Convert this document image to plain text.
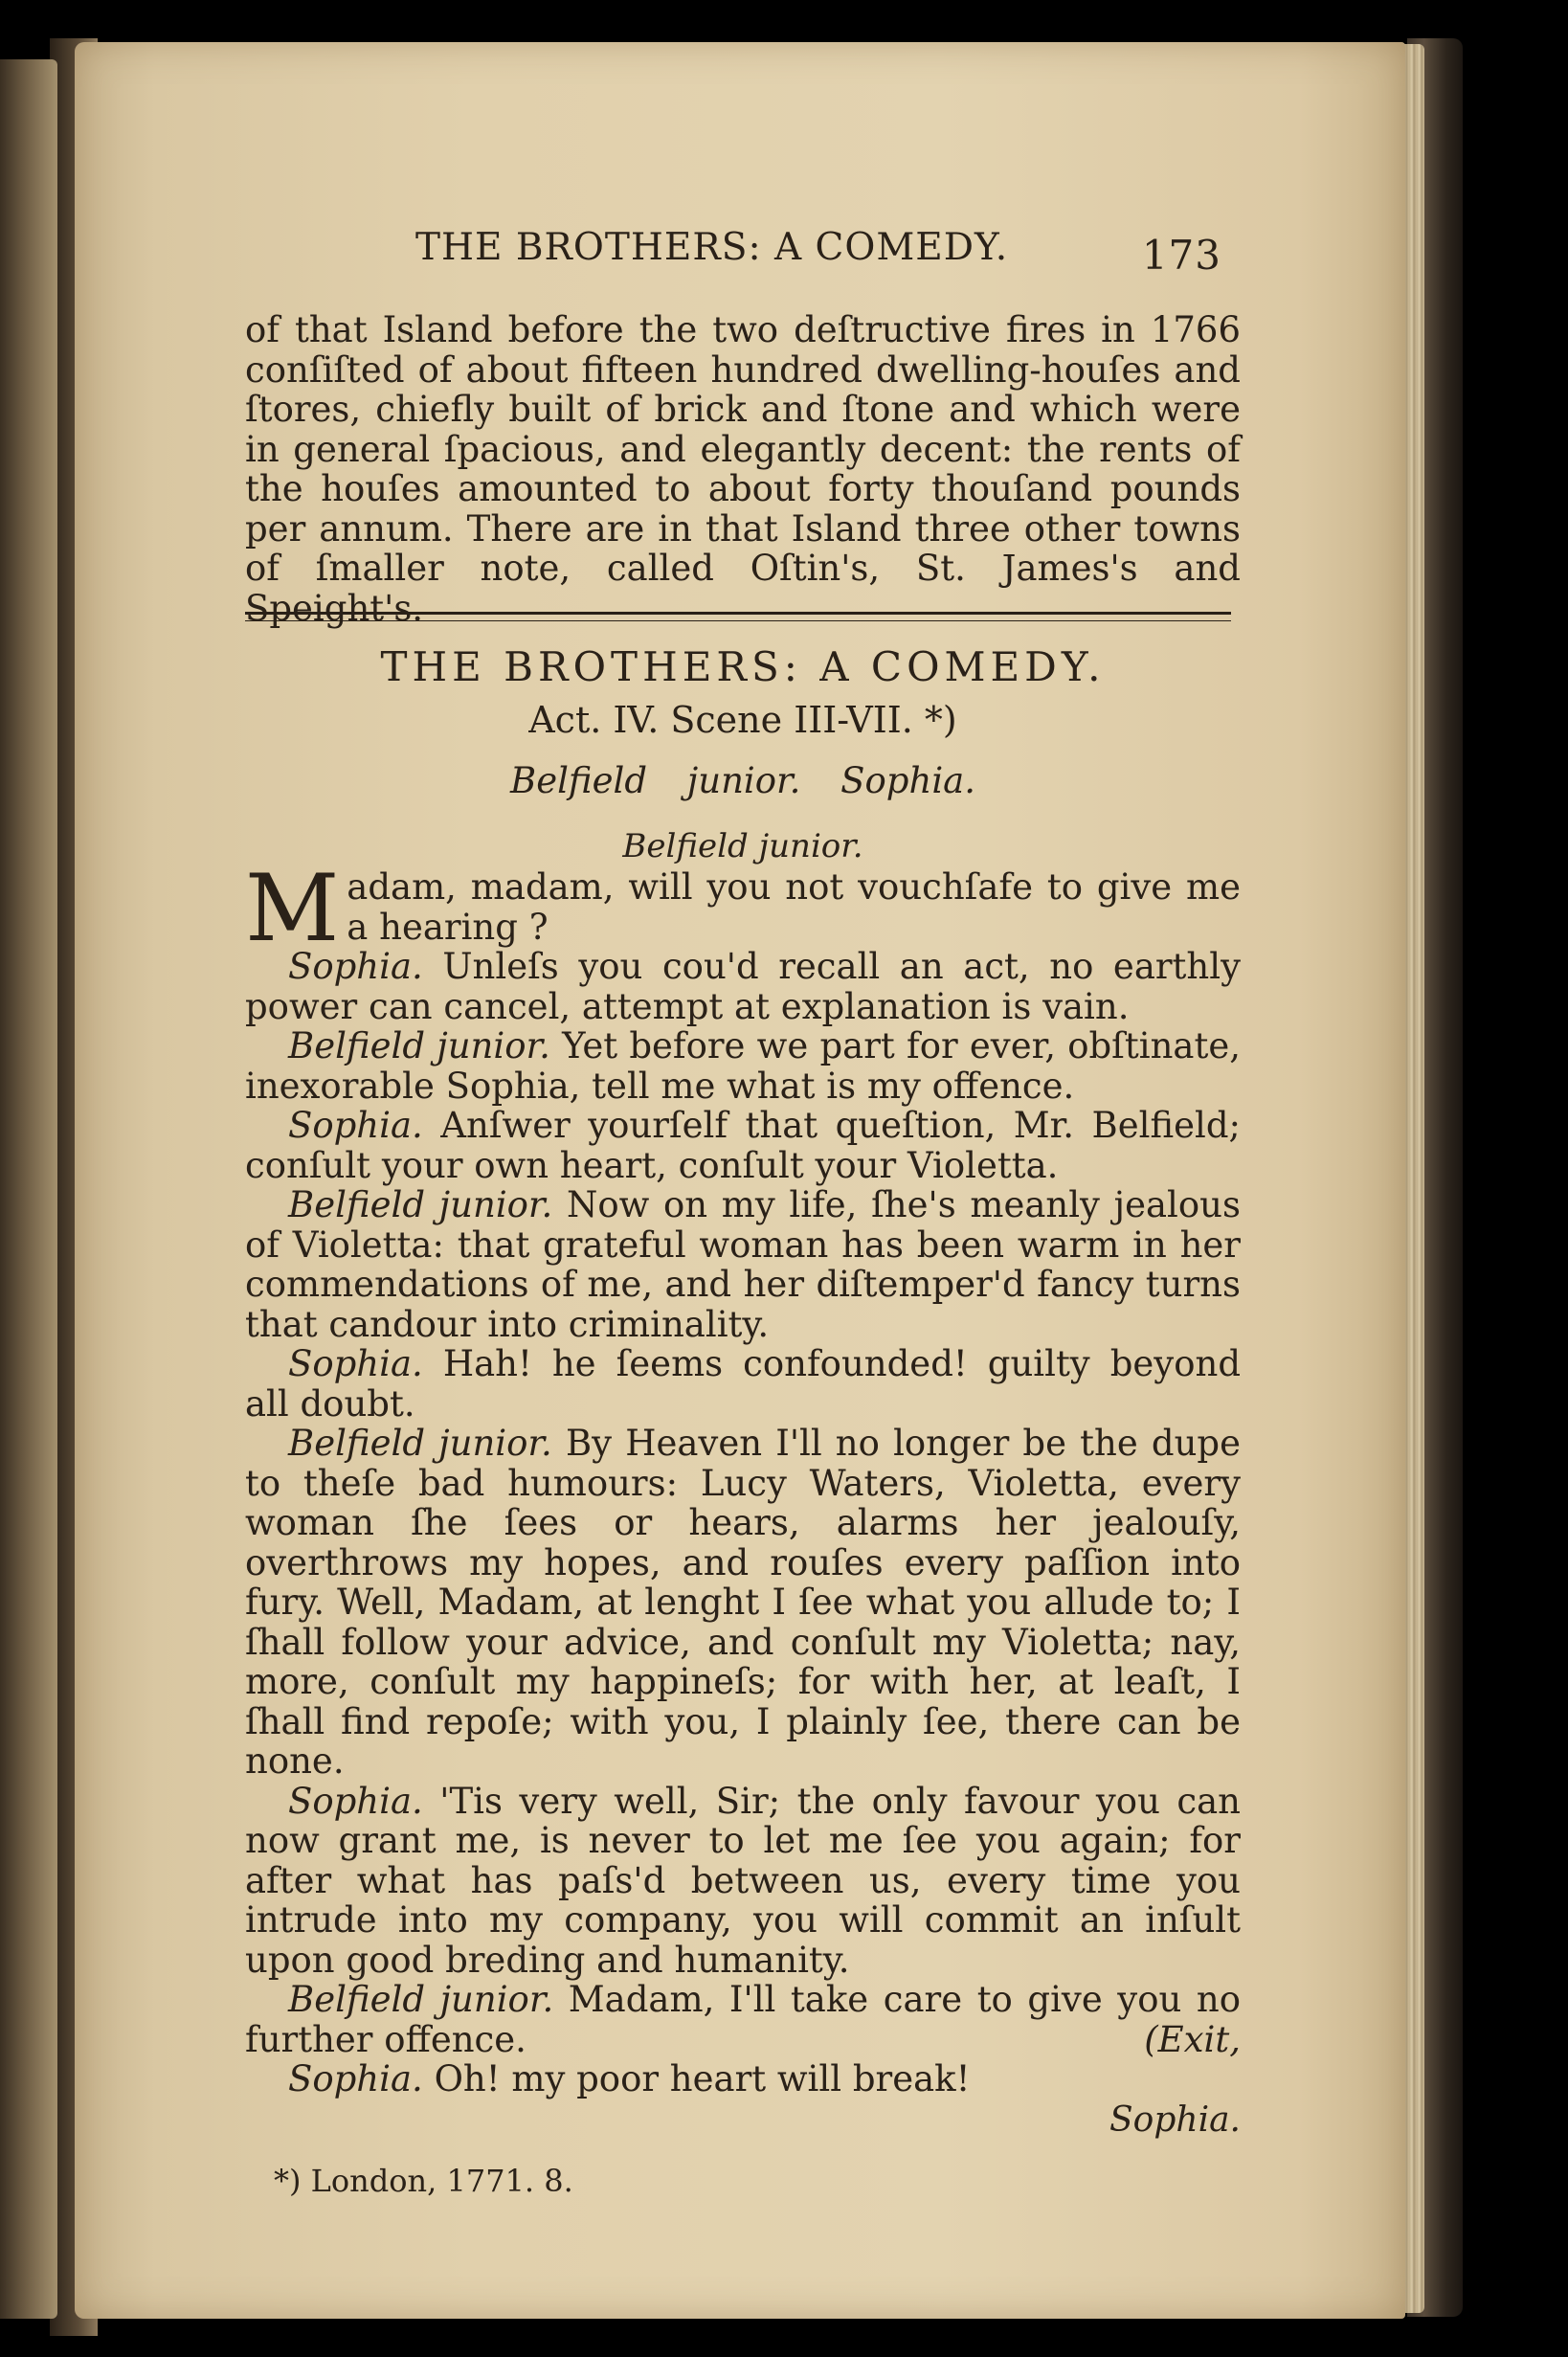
THE BROTHERS: A COMEDY.	173

of that Island before the two deſtructive fires in 1766 conſiſted of about fifteen hundred dwelling-houſes and ſtores, chiefly built of brick and ſtone and which were in general ſpacious, and elegantly decent: the rents of the houſes amounted to about forty thouſand pounds per annum. There are in that Island three other towns of ſmaller note, called Oſtin's, St. James's and Speight's.

THE BROTHERS: A COMEDY.
Act. IV. Scene III-VII. *)
Belfield junior. Sophia.
Belfield junior.

Madam, madam, will you not vouchſafe to give me a hearing ?

Sophia. Unleſs you cou'd recall an act, no earthly power can cancel, attempt at explanation is vain.

Belfield junior. Yet before we part for ever, obſtinate, inexorable Sophia, tell me what is my offence.

Sophia. Anſwer yourſelf that queſtion, Mr. Belfield; conſult your own heart, conſult your Violetta.

Belfield junior. Now on my life, ſhe's meanly jealous of Violetta: that grateful woman has been warm in her commendations of me, and her diſtemper'd fancy turns that candour into criminality.

Sophia. Hah! he ſeems confounded! guilty beyond all doubt.

Belfield junior. By Heaven I'll no longer be the dupe to theſe bad humours: Lucy Waters, Violetta, every woman ſhe ſees or hears, alarms her jealouſy, overthrows my hopes, and rouſes every paſſion into fury. Well, Madam, at lenght I ſee what you allude to; I ſhall follow your advice, and conſult my Violetta; nay, more, conſult my happineſs; for with her, at leaſt, I ſhall find repoſe; with you, I plainly ſee, there can be none.

Sophia. 'Tis very well, Sir; the only favour you can now grant me, is never to let me ſee you again; for after what has paſs'd between us, every time you intrude into my company, you will commit an inſult upon good breding and humanity.

Belfield junior. Madam, I'll take care to give you no further offence.	(Exit,

Sophia. Oh! my poor heart will break!

Sophia.
*) London, 1771. 8.
